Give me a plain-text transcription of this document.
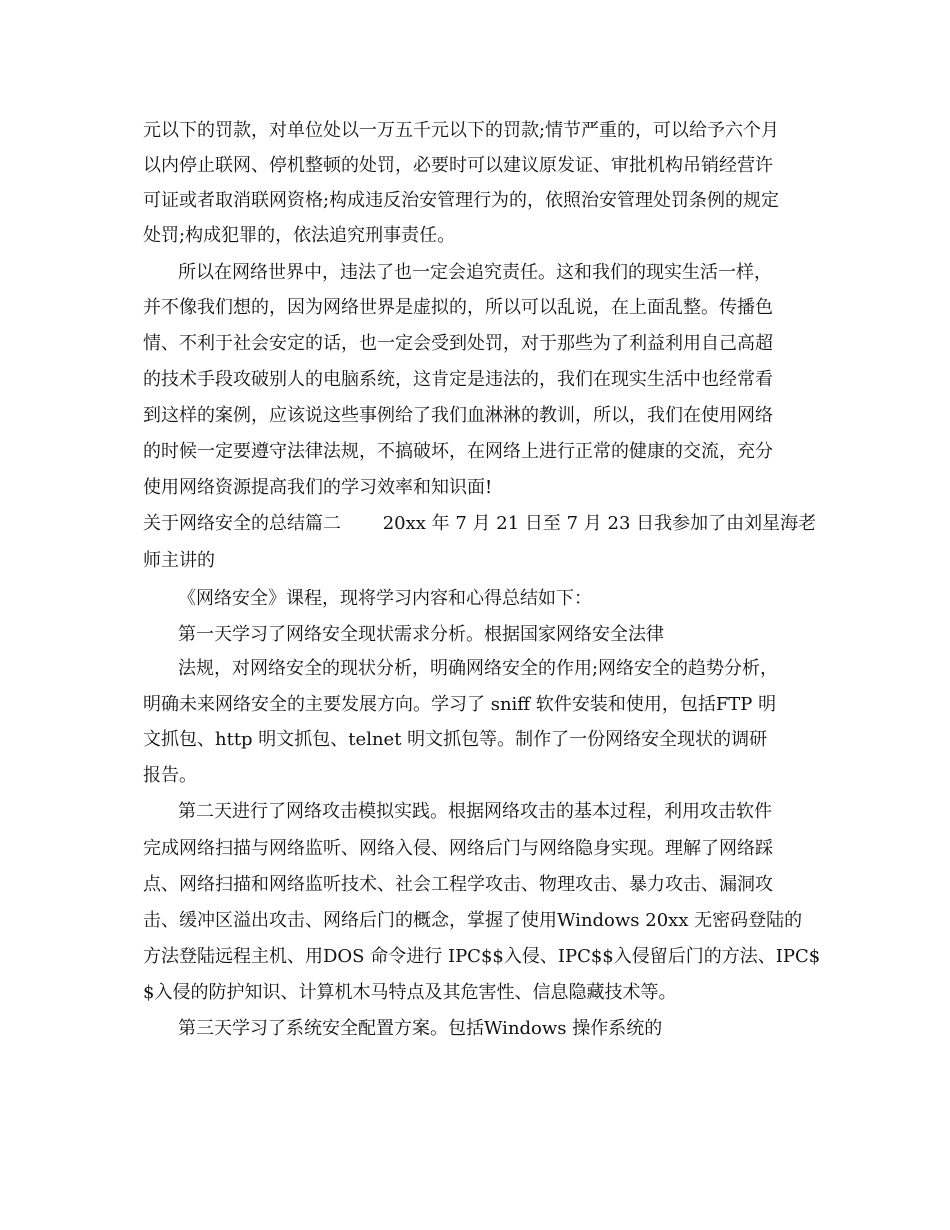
元以下的罚款，对单位处以一万五千元以下的罚款;情节严重的，可以给予六个月

以内停止联网、停机整顿的处罚，必要时可以建议原发证、审批机构吊销经营许

可证或者取消联网资格;构成违反治安管理行为的，依照治安管理处罚条例的规定

处罚;构成犯罪的，依法追究刑事责任。

所以在网络世界中，违法了也一定会追究责任。这和我们的现实生活一样，

并不像我们想的，因为网络世界是虚拟的，所以可以乱说，在上面乱整。传播色

情、不利于社会安定的话，也一定会受到处罚，对于那些为了利益利用自己高超

的技术手段攻破别人的电脑系统，这肯定是违法的，我们在现实生活中也经常看

到这样的案例，应该说这些事例给了我们血淋淋的教训，所以，我们在使用网络

的时候一定要遵守法律法规，不搞破坏，在网络上进行正常的健康的交流，充分

使用网络资源提高我们的学习效率和知识面!

关于网络安全的总结篇二　　 20xx 年 7 月 21 日至 7 月 23 日我参加了由刘星海老

师主讲的

《网络安全》课程，现将学习内容和心得总结如下：

第一天学习了网络安全现状需求分析。根据国家网络安全法律

法规，对网络安全的现状分析，明确网络安全的作用;网络安全的趋势分析，

明确未来网络安全的主要发展方向。学习了 sniff 软件安装和使用，包括FTP 明

文抓包、http 明文抓包、telnet 明文抓包等。制作了一份网络安全现状的调研

报告。

第二天进行了网络攻击模拟实践。根据网络攻击的基本过程，利用攻击软件

完成网络扫描与网络监听、网络入侵、网络后门与网络隐身实现。理解了网络踩

点、网络扫描和网络监听技术、社会工程学攻击、物理攻击、暴力攻击、漏洞攻

击、缓冲区溢出攻击、网络后门的概念，掌握了使用Windows 20xx 无密码登陆的

方法登陆远程主机、用DOS 命令进行 IPC$$入侵、IPC$$入侵留后门的方法、IPC$

$入侵的防护知识、计算机木马特点及其危害性、信息隐藏技术等。

第三天学习了系统安全配置方案。包括Windows 操作系统的
